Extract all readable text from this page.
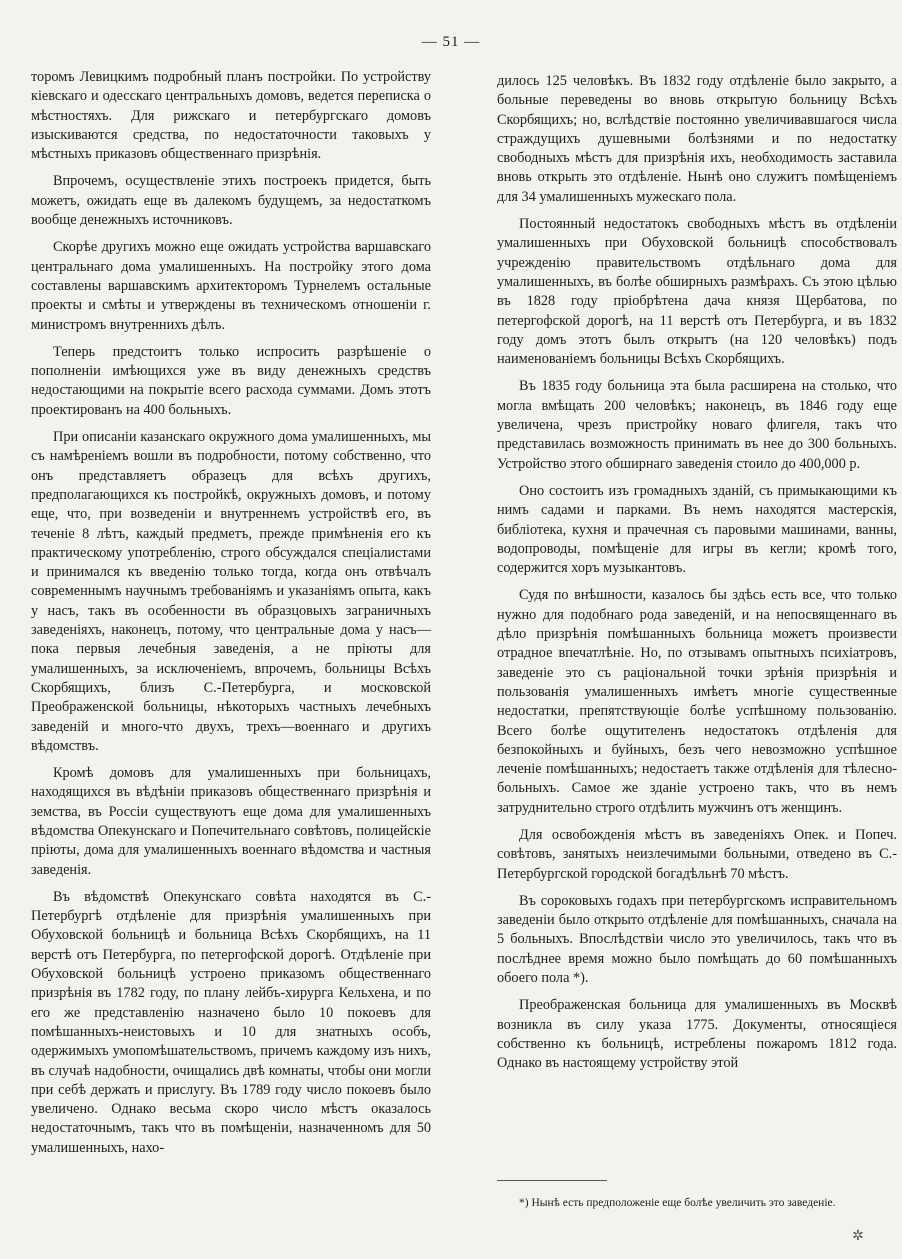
— 51 —

торомъ Левицкимъ подробный планъ постройки. По устройству кіевскаго и одесскаго центральныхъ домовъ, ведется переписка о мѣстностяхъ. Для рижскаго и петербургскаго домовъ изыскиваются средства, по недостаточности таковыхъ у мѣстныхъ приказовъ общественнаго призрѣнія.

Впрочемъ, осуществленіе этихъ построекъ придется, быть можетъ, ожидать еще въ далекомъ будущемъ, за недостаткомъ вообще денежныхъ источниковъ.

Скорѣе другихъ можно еще ожидать устройства варшавскаго центральнаго дома умалишенныхъ. На постройку этого дома составлены варшавскимъ архитекторомъ Турнелемъ остальные проекты и смѣты и утверждены въ техническомъ отношеніи г. министромъ внутреннихъ дѣлъ.

Теперь предстоитъ только испросить разрѣшеніе о пополненіи имѣющихся уже въ виду денежныхъ средствъ недостающими на покрытіе всего расхода суммами. Домъ этотъ проектированъ на 400 больныхъ.

При описаніи казанскаго окружного дома умалишенныхъ, мы съ намѣреніемъ вошли въ подробности, потому собственно, что онъ представляетъ образецъ для всѣхъ другихъ, предполагающихся къ постройкѣ, окружныхъ домовъ, и потому еще, что, при возведеніи и внутреннемъ устройствѣ его, въ теченіе 8 лѣтъ, каждый предметъ, прежде примѣненія его къ практическому употребленію, строго обсуждался спеціалистами и принимался къ введенію только тогда, когда онъ отвѣчалъ современнымъ научнымъ требованіямъ и указаніямъ опыта, какъ у насъ, такъ въ особенности въ образцовыхъ заграничныхъ заведеніяхъ, наконецъ, потому, что центральные дома у насъ—пока первыя лечебныя заведенія, а не пріюты для умалишенныхъ, за исключеніемъ, впрочемъ, больницы Всѣхъ Скорбящихъ, близъ С.-Петербурга, и московской Преображенской больницы, нѣкоторыхъ частныхъ лечебныхъ заведеній и много-что двухъ, трехъ—военнаго и другихъ вѣдомствъ.

Кромѣ домовъ для умалишенныхъ при больницахъ, находящихся въ вѣдѣніи приказовъ общественнаго призрѣнія и земства, въ Россіи существуютъ еще дома для умалишенныхъ вѣдомства Опекунскаго и Попечительнаго совѣтовъ, полицейскіе пріюты, дома для умалишенныхъ военнаго вѣдомства и частныя заведенія.

Въ вѣдомствѣ Опекунскаго совѣта находятся въ С.-Петербургѣ отдѣленіе для призрѣнія умалишенныхъ при Обуховской больницѣ и больница Всѣхъ Скорбящихъ, на 11 верстѣ отъ Петербурга, по петергофской дорогѣ. Отдѣленіе при Обуховской больницѣ устроено приказомъ общественнаго призрѣнія въ 1782 году, по плану лейбъ-хирурга Кельхена, и по его же представленію назначено было 10 покоевъ для помѣшанныхъ-неистовыхъ и 10 для знатныхъ особъ, одержимыхъ умопомѣшательствомъ, причемъ каждому изъ нихъ, въ случаѣ надобности, очищались двѣ комнаты, чтобы они могли при себѣ держать и прислугу. Въ 1789 году число покоевъ было увеличено. Однако весьма скоро число мѣстъ оказалось недостаточнымъ, такъ что въ помѣщеніи, назначенномъ для 50 умалишенныхъ, нахо-

дилось 125 человѣкъ. Въ 1832 году отдѣленіе было закрыто, а больные переведены во вновь открытую больницу Всѣхъ Скорбящихъ; но, вслѣдствіе постоянно увеличивавшагося числа страждущихъ душевными болѣзнями и по недостатку свободныхъ мѣстъ для призрѣнія ихъ, необходимость заставила вновь открыть это отдѣленіе. Нынѣ оно служитъ помѣщеніемъ для 34 умалишенныхъ мужескаго пола.

Постоянный недостатокъ свободныхъ мѣстъ въ отдѣленіи умалишенныхъ при Обуховской больницѣ способствовалъ учрежденію правительствомъ отдѣльнаго дома для умалишенныхъ, въ болѣе обширныхъ размѣрахъ. Съ этою цѣлью въ 1828 году пріобрѣтена дача князя Щербатова, по петергофской дорогѣ, на 11 верстѣ отъ Петербурга, и въ 1832 году домъ этотъ былъ открытъ (на 120 человѣкъ) подъ наименованіемъ больницы Всѣхъ Скорбящихъ.

Въ 1835 году больница эта была расширена на столько, что могла вмѣщать 200 человѣкъ; наконецъ, въ 1846 году еще увеличена, чрезъ пристройку новаго флигеля, такъ что представилась возможность принимать въ нее до 300 больныхъ. Устройство этого обширнаго заведенія стоило до 400,000 р.

Оно состоитъ изъ громадныхъ зданій, съ примыкающими къ нимъ садами и парками. Въ немъ находятся мастерскія, библіотека, кухня и прачечная съ паровыми машинами, ванны, водопроводы, помѣщеніе для игры въ кегли; кромѣ того, содержится хоръ музыкантовъ.

Судя по внѣшности, казалось бы здѣсь есть все, что только нужно для подобнаго рода заведеній, и на непосвященнаго въ дѣло призрѣнія помѣшанныхъ больница можетъ произвести отрадное впечатлѣніе. Но, по отзывамъ опытныхъ психіатровъ, заведеніе это съ раціональной точки зрѣнія призрѣнія и пользованія умалишенныхъ имѣетъ многіе существенные недостатки, препятствующіе болѣе успѣшному пользованію. Всего болѣе ощутителенъ недостатокъ отдѣленія для безпокойныхъ и буйныхъ, безъ чего невозможно успѣшное леченіе помѣшанныхъ; недостаетъ также отдѣленія для тѣлесно-больныхъ. Самое же зданіе устроено такъ, что въ немъ затруднительно строго отдѣлить мужчинъ отъ женщинъ.

Для освобожденія мѣстъ въ заведеніяхъ Опек. и Попеч. совѣтовъ, занятыхъ неизлечимыми больными, отведено въ С.-Петербургской городской богадѣльнѣ 70 мѣстъ.

Въ сороковыхъ годахъ при петербургскомъ исправительномъ заведеніи было открыто отдѣленіе для помѣшанныхъ, сначала на 5 больныхъ. Впослѣдствіи число это увеличилось, такъ что въ послѣднее время можно было помѣщать до 60 помѣшанныхъ обоего пола *).

Преображенская больница для умалишенныхъ въ Москвѣ возникла въ силу указа 1775. Документы, относящіеся собственно къ больницѣ, истреблены пожаромъ 1812 года. Однако въ настоящему устройству этой

*) Нынѣ есть предположеніе еще болѣе увеличить это заведеніе.
✲
